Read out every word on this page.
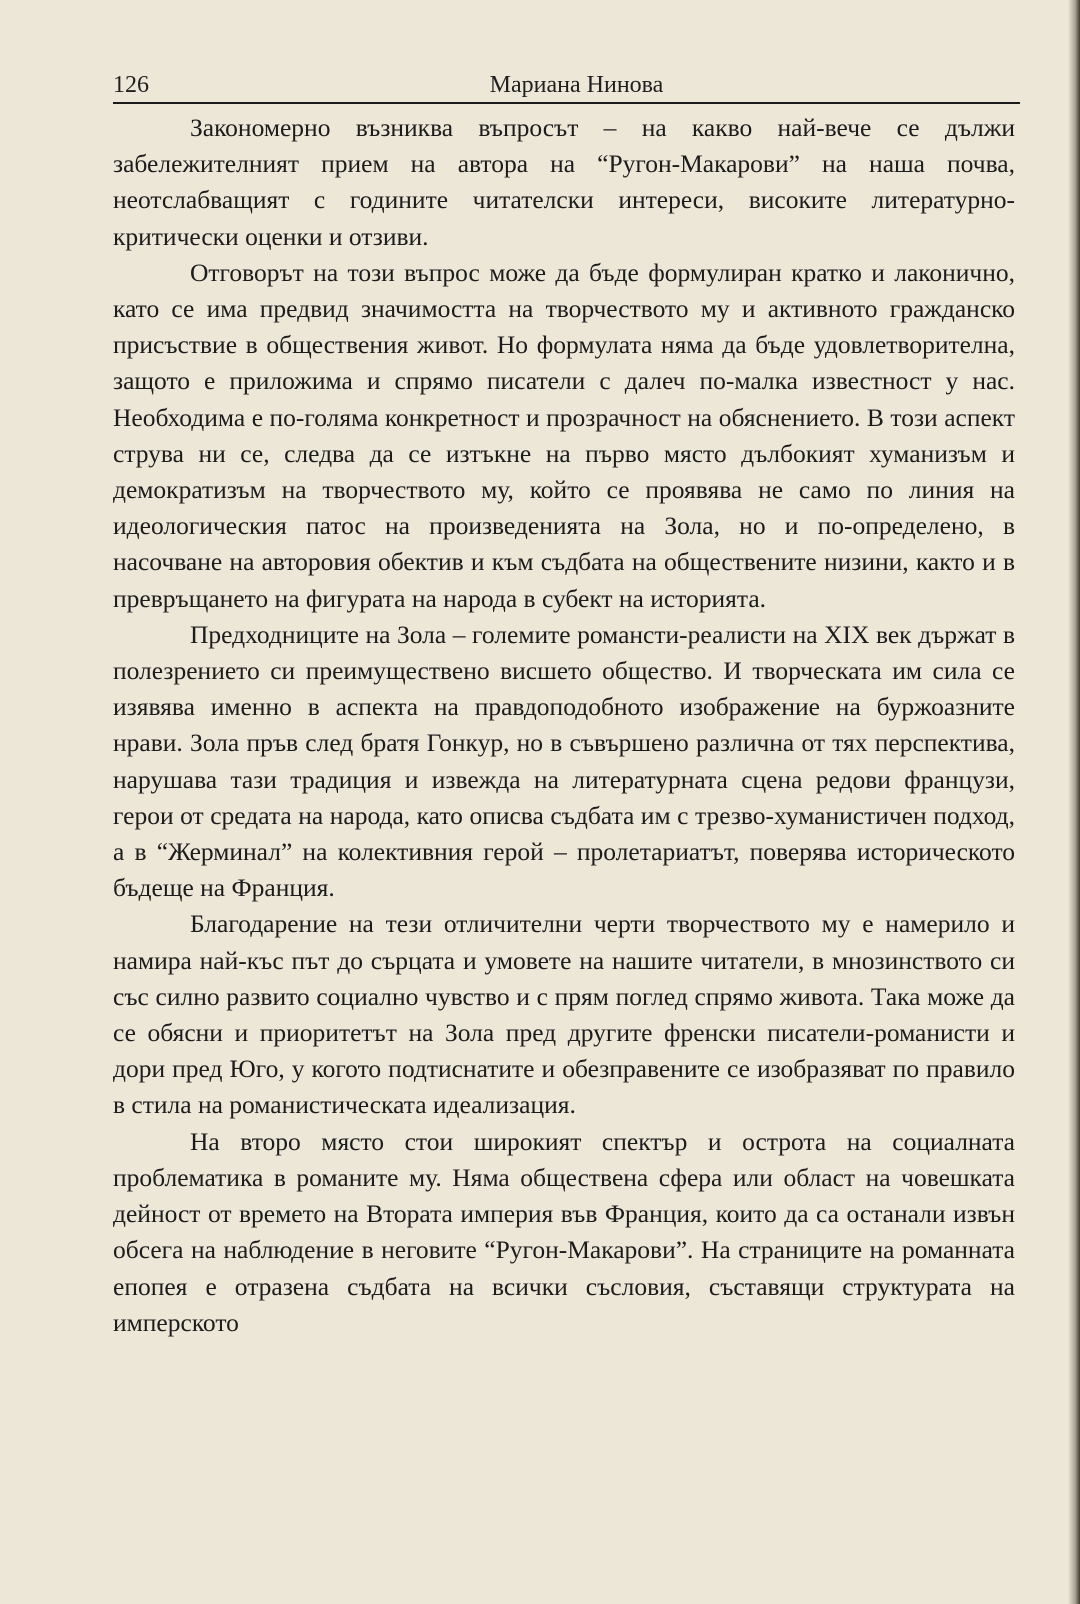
126	Мариана Нинова

Закономерно възниква въпросът – на какво най-вече се дължи забележителният прием на автора на “Ругон-Макарови” на наша почва, неотслабващият с годините читателски интереси, високите литературно-критически оценки и отзиви.

Отговорът на този въпрос може да бъде формулиран кратко и лаконично, като се има предвид значимостта на творчеството му и активното гражданско присъствие в обществения живот. Но формулата няма да бъде удовлетворителна, защото е приложима и спрямо писатели с далеч по-малка известност у нас. Необходима е по-голяма конкретност и прозрачност на обяснението. В този аспект струва ни се, следва да се изтъкне на първо място дълбокият хуманизъм и демократизъм на творчеството му, който се проявява не само по линия на идеологическия патос на произведенията на Зола, но и по-определено, в насочване на авторовия обектив и към съдбата на обществените низини, както и в превръщането на фигурата на народа в субект на историята.

Предходниците на Зола – големите романсти-реалисти на XIX век държат в полезрението си преимуществено висшето общество. И творческата им сила се изявява именно в аспекта на правдоподобното изображение на буржоазните нрави. Зола пръв след братя Гонкур, но в съвършено различна от тях перспектива, нарушава тази традиция и извежда на литературната сцена редови французи, герои от средата на народа, като описва съдбата им с трезво-хуманистичен подход, а в “Жерминал” на колективния герой – пролетариатът, поверява историческото бъдеще на Франция.

Благодарение на тези отличителни черти творчеството му е намерило и намира най-къс път до сърцата и умовете на нашите читатели, в мнозинството си със силно развито социално чувство и с прям поглед спрямо живота. Така може да се обясни и приоритетът на Зола пред другите френски писатели-романисти и дори пред Юго, у когото подтиснатите и обезправените се изобразяват по правило в стила на романистическата идеализация.

На второ място стои широкият спектър и острота на социалната проблематика в романите му. Няма обществена сфера или област на човешката дейност от времето на Втората империя във Франция, които да са останали извън обсега на наблюдение в неговите “Ругон-Макарови”. На страниците на романната епопея е отразена съдбата на всички съсловия, съставящи структурата на имперското
